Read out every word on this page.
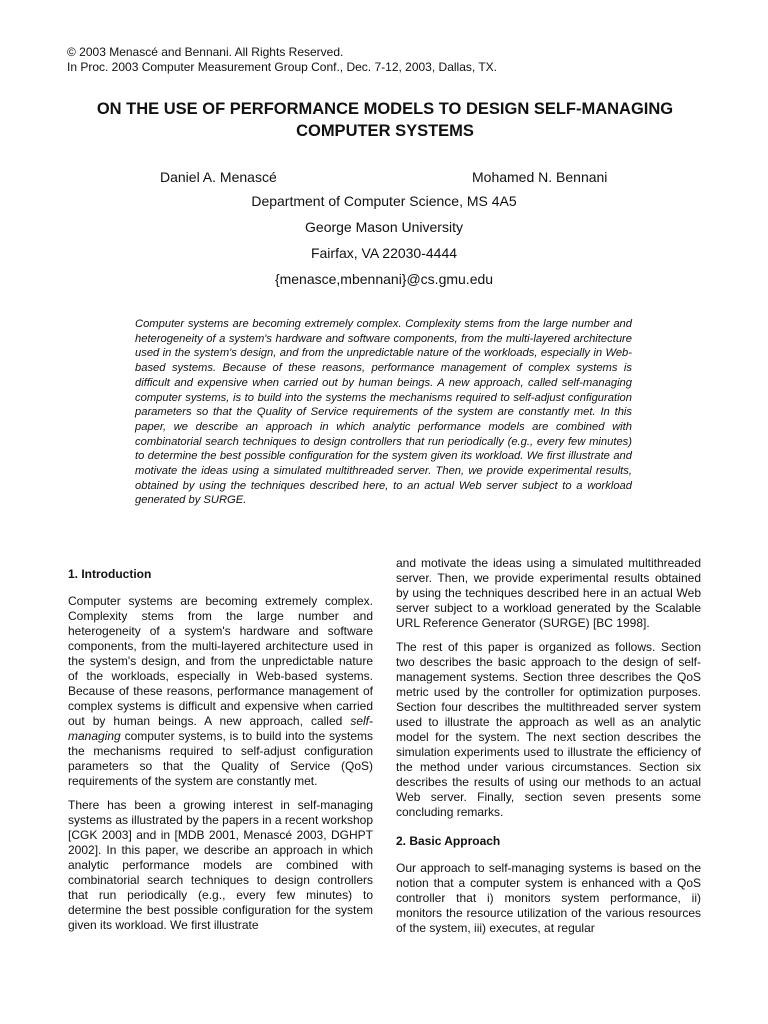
© 2003 Menascé and Bennani. All Rights Reserved.
In Proc. 2003 Computer Measurement Group Conf., Dec. 7-12, 2003, Dallas, TX.
ON THE USE OF PERFORMANCE MODELS TO DESIGN SELF-MANAGING
COMPUTER SYSTEMS
Daniel A. Menascé	Mohamed N. Bennani
Department of Computer Science, MS 4A5
George Mason University
Fairfax, VA 22030-4444
{menasce,mbennani}@cs.gmu.edu
Computer systems are becoming extremely complex. Complexity stems from the large number and heterogeneity of a system's hardware and software components, from the multi-layered architecture used in the system's design, and from the unpredictable nature of the workloads, especially in Web-based systems. Because of these reasons, performance management of complex systems is difficult and expensive when carried out by human beings. A new approach, called self-managing computer systems, is to build into the systems the mechanisms required to self-adjust configuration parameters so that the Quality of Service requirements of the system are constantly met. In this paper, we describe an approach in which analytic performance models are combined with combinatorial search techniques to design controllers that run periodically (e.g., every few minutes) to determine the best possible configuration for the system given its workload. We first illustrate and motivate the ideas using a simulated multithreaded server. Then, we provide experimental results, obtained by using the techniques described here, to an actual Web server subject to a workload generated by SURGE.
1. Introduction

Computer systems are becoming extremely complex. Complexity stems from the large number and heterogeneity of a system's hardware and software components, from the multi-layered architecture used in the system's design, and from the unpredictable nature of the workloads, especially in Web-based systems. Because of these reasons, performance management of complex systems is difficult and expensive when carried out by human beings. A new approach, called self-managing computer systems, is to build into the systems the mechanisms required to self-adjust configuration parameters so that the Quality of Service (QoS) requirements of the system are constantly met.

There has been a growing interest in self-managing systems as illustrated by the papers in a recent workshop [CGK 2003] and in [MDB 2001, Menascé 2003, DGHPT 2002]. In this paper, we describe an approach in which analytic performance models are combined with combinatorial search techniques to design controllers that run periodically (e.g., every few minutes) to determine the best possible configuration for the system given its workload. We first illustrate

and motivate the ideas using a simulated multithreaded server. Then, we provide experimental results obtained by using the techniques described here in an actual Web server subject to a workload generated by the Scalable URL Reference Generator (SURGE) [BC 1998].

The rest of this paper is organized as follows. Section two describes the basic approach to the design of self-management systems. Section three describes the QoS metric used by the controller for optimization purposes. Section four describes the multithreaded server system used to illustrate the approach as well as an analytic model for the system. The next section describes the simulation experiments used to illustrate the efficiency of the method under various circumstances. Section six describes the results of using our methods to an actual Web server. Finally, section seven presents some concluding remarks.

2. Basic Approach

Our approach to self-managing systems is based on the notion that a computer system is enhanced with a QoS controller that i) monitors system performance, ii) monitors the resource utilization of the various resources of the system, iii) executes, at regular
